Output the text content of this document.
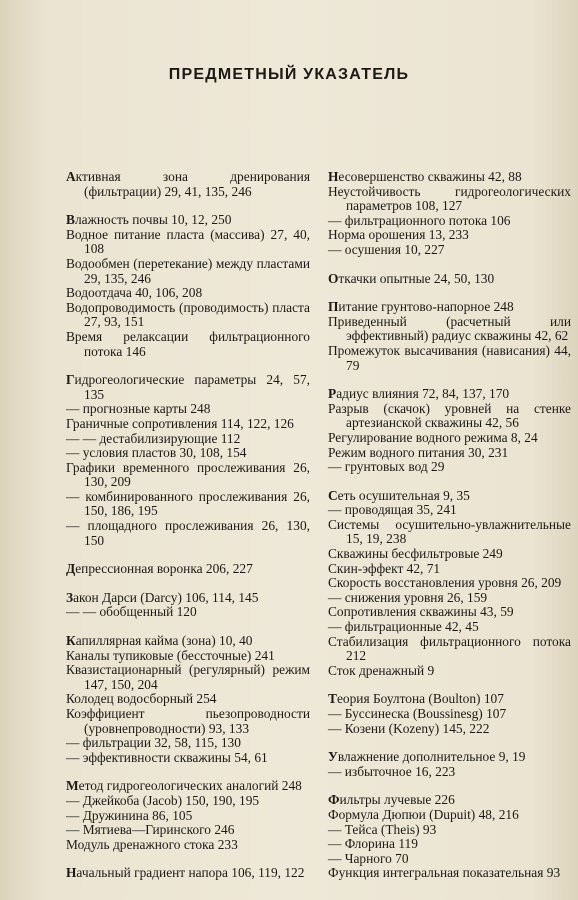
ПРЕДМЕТНЫЙ УКАЗАТЕЛЬ
Активная зона дренирования (фильтрации) 29, 41, 135, 246
Влажность почвы 10, 12, 250
Водное питание пласта (массива) 27, 40, 108
Водообмен (перетекание) между пластами 29, 135, 246
Водоотдача 40, 106, 208
Водопроводимость (проводимость) пласта 27, 93, 151
Время релаксации фильтрационного потока 146
Гидрогеологические параметры 24, 57, 135
— прогнозные карты 248
Граничные сопротивления 114, 122, 126
— — дестабилизирующие 112
— условия пластов 30, 108, 154
Графики временного прослеживания 26, 130, 209
— комбинированного прослеживания 26, 150, 186, 195
— площадного прослеживания 26, 130, 150
Депрессионная воронка 206, 227
Закон Дарси (Darcy) 106, 114, 145
— — обобщенный 120
Капиллярная кайма (зона) 10, 40
Каналы тупиковые (бессточные) 241
Квазистационарный (регулярный) режим 147, 150, 204
Колодец водосборный 254
Коэффициент пьезопроводности (уровнепроводности) 93, 133
— фильтрации 32, 58, 115, 130
— эффективности скважины 54, 61
Метод гидрогеологических аналогий 248
— Джейкоба (Jacob) 150, 190, 195
— Дружинина 86, 105
— Мятиева—Гиринского 246
Модуль дренажного стока 233
Начальный градиент напора 106, 119, 122
Несовершенство скважины 42, 88
Неустойчивость гидрогеологических параметров 108, 127
— фильтрационного потока 106
Норма орошения 13, 233
— осушения 10, 227
Откачки опытные 24, 50, 130
Питание грунтово-напорное 248
Приведенный (расчетный или эффективный) радиус скважины 42, 62
Промежуток высачивания (нависания) 44, 79
Радиус влияния 72, 84, 137, 170
Разрыв (скачок) уровней на стенке артезианской скважины 42, 56
Регулирование водного режима 8, 24
Режим водного питания 30, 231
— грунтовых вод 29
Сеть осушительная 9, 35
— проводящая 35, 241
Системы осушительно-увлажнительные 15, 19, 238
Скважины бесфильтровые 249
Скин-эффект 42, 71
Скорость восстановления уровня 26, 209
— снижения уровня 26, 159
Сопротивления скважины 43, 59
— фильтрационные 42, 45
Стабилизация фильтрационного потока 212
Сток дренажный 9
Теория Боултона (Boulton) 107
— Буссинеска (Boussinesg) 107
— Козени (Kozeny) 145, 222
Увлажнение дополнительное 9, 19
— избыточное 16, 223
Фильтры лучевые 226
Формула Дюпюи (Dupuit) 48, 216
— Тейса (Theis) 93
— Флорина 119
— Чарного 70
Функция интегральная показательная 93
